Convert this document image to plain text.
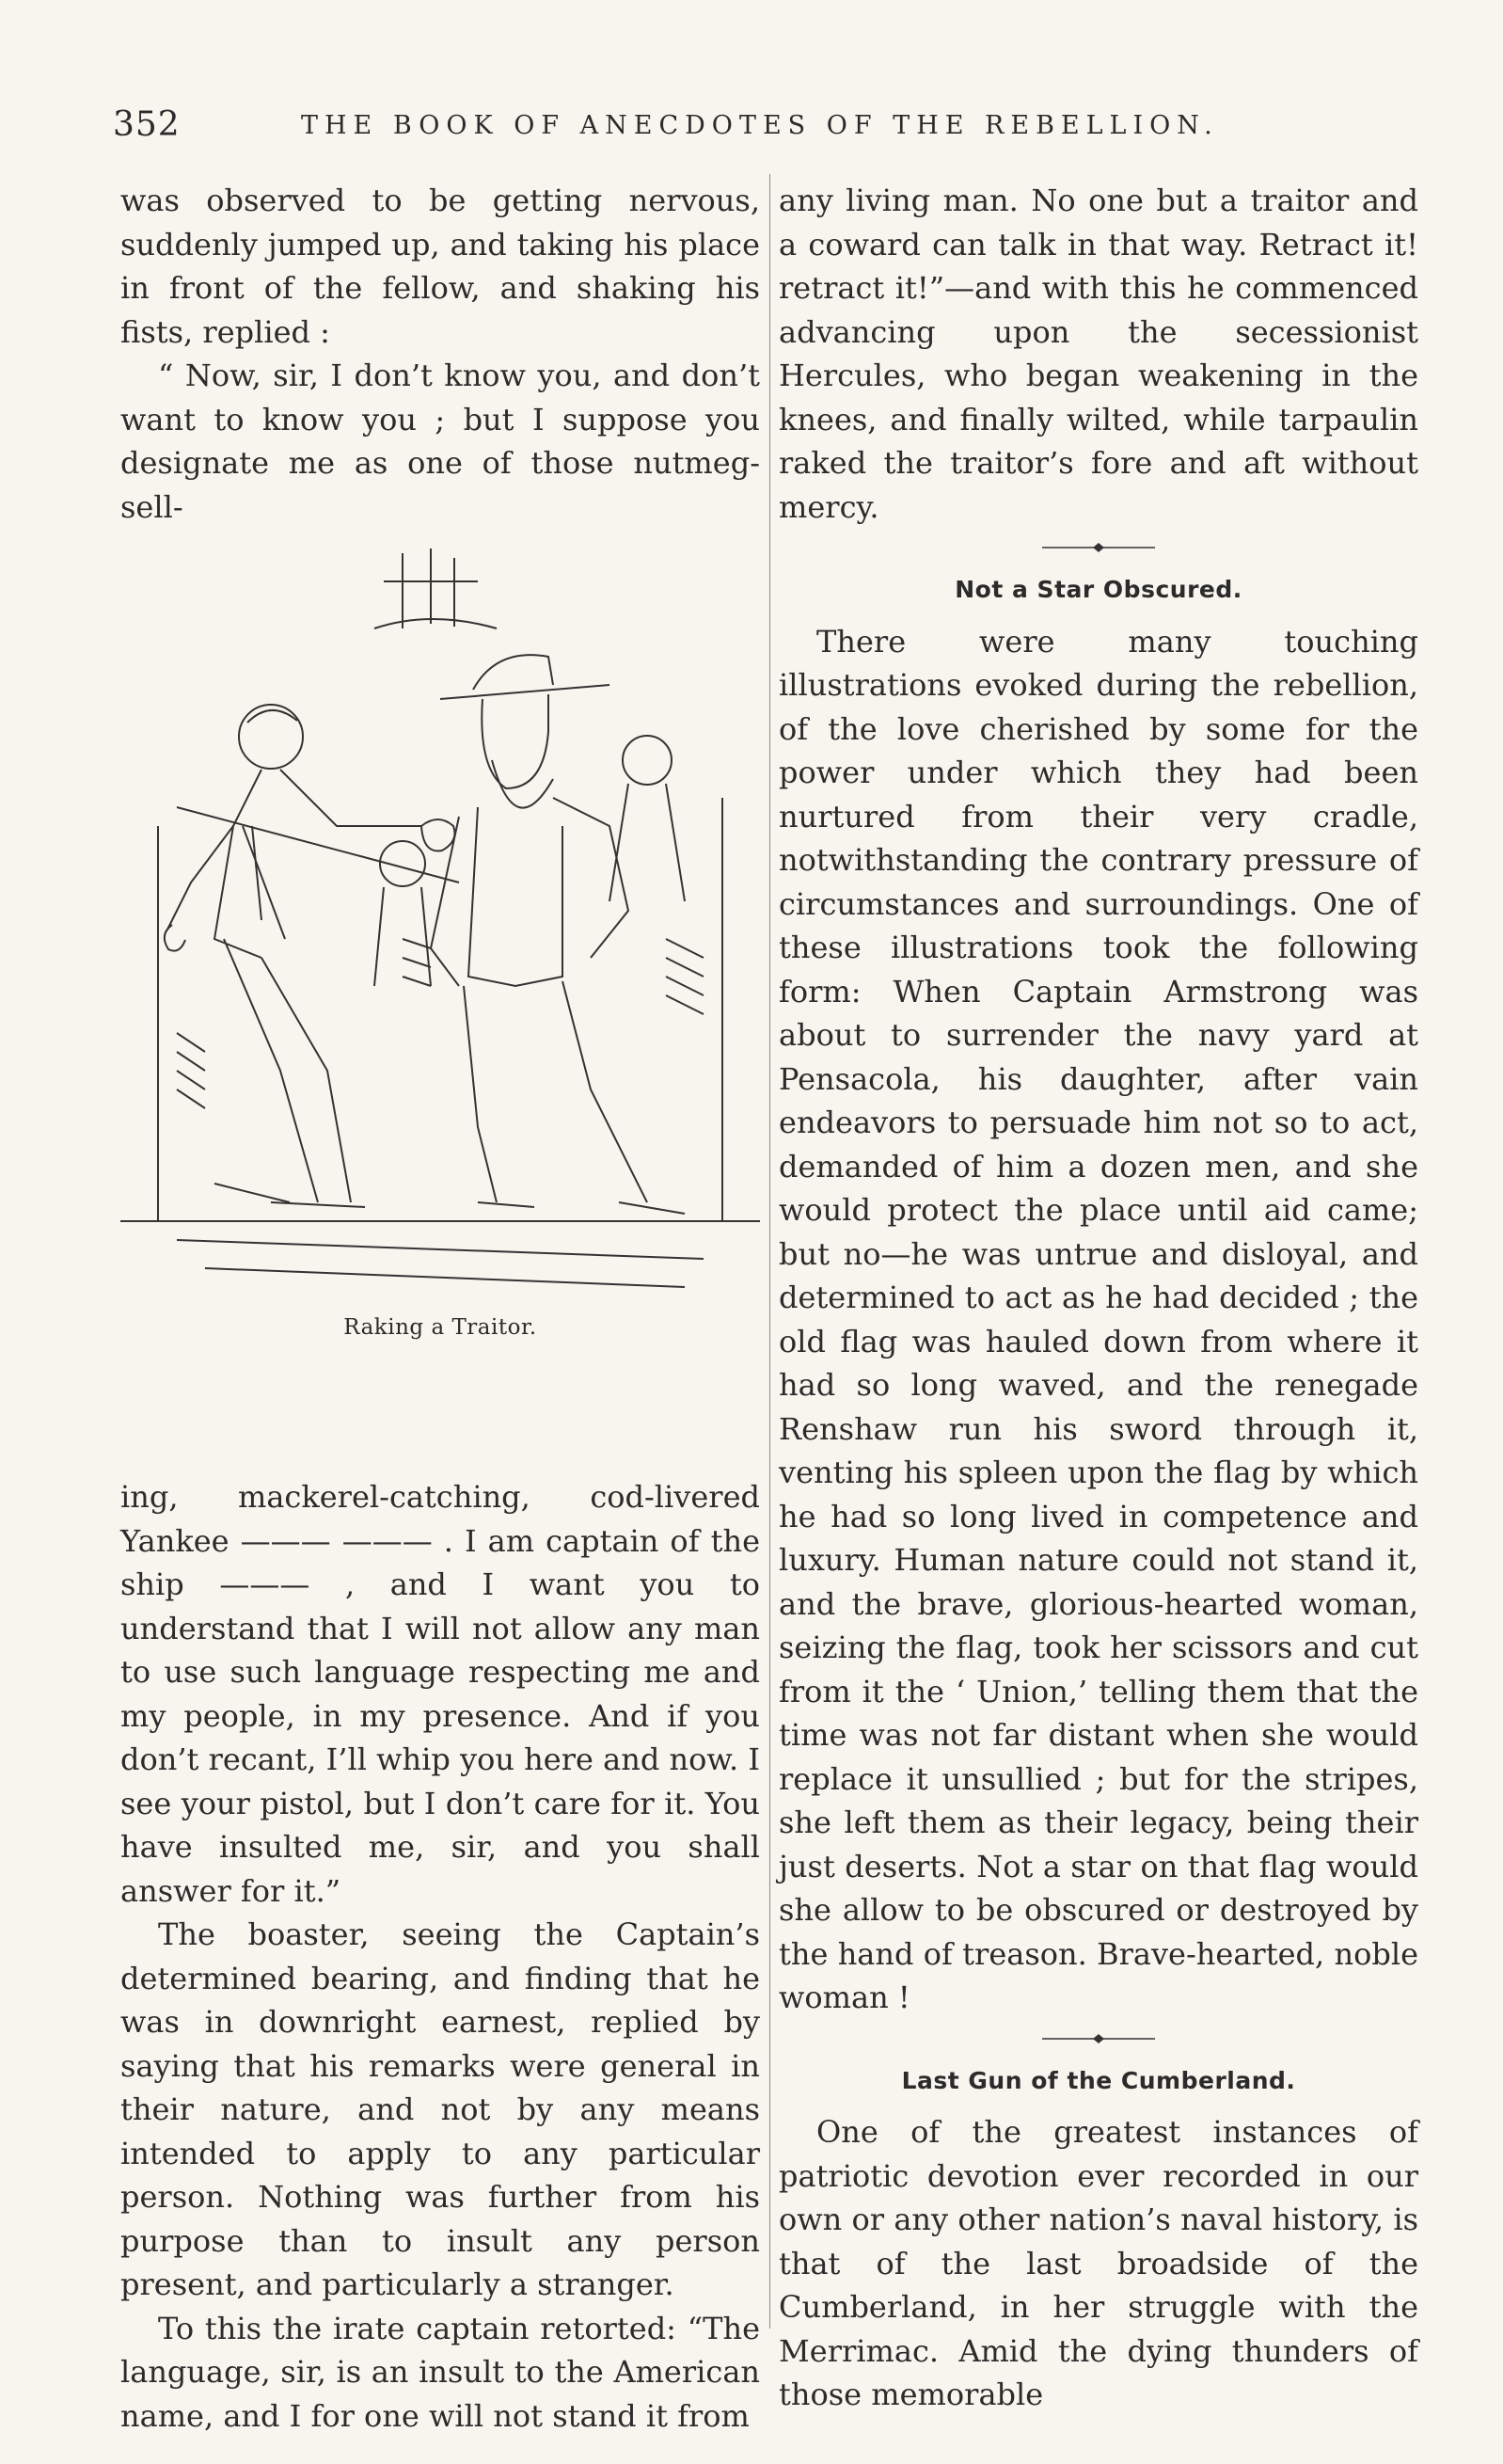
352	THE BOOK OF ANECDOTES OF THE REBELLION.

was observed to be getting nervous, suddenly jumped up, and taking his place in front of the fellow, and shaking his fists, replied :

“ Now, sir, I don’t know you, and don’t want to know you ; but I suppose you designate me as one of those nutmeg-sell-

Raking a Traitor.

ing, mackerel-catching, cod-livered Yankee ——— ——— . I am captain of the ship ——— , and I want you to understand that I will not allow any man to use such language respecting me and my people, in my presence. And if you don’t recant, I’ll whip you here and now. I see your pistol, but I don’t care for it. You have insulted me, sir, and you shall answer for it.”

The boaster, seeing the Captain’s determined bearing, and finding that he was in downright earnest, replied by saying that his remarks were general in their nature, and not by any means intended to apply to any particular person. Nothing was further from his purpose than to insult any person present, and particularly a stranger.

To this the irate captain retorted: “The language, sir, is an insult to the American name, and I for one will not stand it from

any living man. No one but a traitor and a coward can talk in that way. Retract it! retract it!”—and with this he commenced advancing upon the secessionist Hercules, who began weakening in the knees, and finally wilted, while tarpaulin raked the traitor’s fore and aft without mercy.

Not a Star Obscured.

There were many touching illustrations evoked during the rebellion, of the love cherished by some for the power under which they had been nurtured from their very cradle, notwithstanding the contrary pressure of circumstances and surroundings. One of these illustrations took the following form: When Captain Armstrong was about to surrender the navy yard at Pensacola, his daughter, after vain endeavors to persuade him not so to act, demanded of him a dozen men, and she would protect the place until aid came; but no—he was untrue and disloyal, and determined to act as he had decided ; the old flag was hauled down from where it had so long waved, and the renegade Renshaw run his sword through it, venting his spleen upon the flag by which he had so long lived in competence and luxury. Human nature could not stand it, and the brave, glorious-hearted woman, seizing the flag, took her scissors and cut from it the ‘ Union,’ telling them that the time was not far distant when she would replace it unsullied ; but for the stripes, she left them as their legacy, being their just deserts. Not a star on that flag would she allow to be obscured or destroyed by the hand of treason. Brave-hearted, noble woman !

Last Gun of the Cumberland.

One of the greatest instances of patriotic devotion ever recorded in our own or any other nation’s naval history, is that of the last broadside of the Cumberland, in her struggle with the Merrimac. Amid the dying thunders of those memorable
